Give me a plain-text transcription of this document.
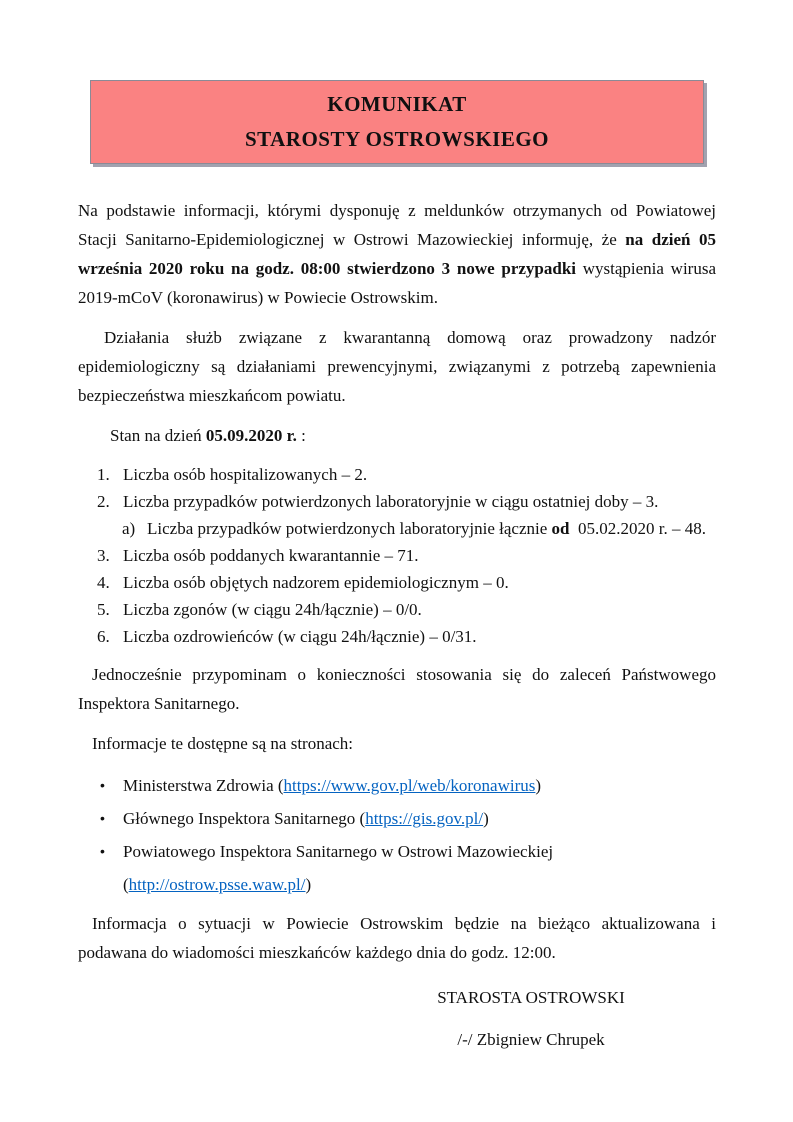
KOMUNIKAT
STAROSTY OSTROWSKIEGO

Na podstawie informacji, którymi dysponuję z meldunków otrzymanych od Powiatowej Stacji Sanitarno-Epidemiologicznej w Ostrowi Mazowieckiej informuję, że na dzień 05 września 2020 roku na godz. 08:00 stwierdzono 3 nowe przypadki wystąpienia wirusa 2019-mCoV (koronawirus) w Powiecie Ostrowskim.

Działania służb związane z kwarantanną domową oraz prowadzony nadzór epidemiologiczny są działaniami prewencyjnymi, związanymi z potrzebą zapewnienia bezpieczeństwa mieszkańcom powiatu.

Stan na dzień 05.09.2020 r. :

1. Liczba osób hospitalizowanych – 2.
2. Liczba przypadków potwierdzonych laboratoryjnie w ciągu ostatniej doby – 3.
a) Liczba przypadków potwierdzonych laboratoryjnie łącznie od  05.02.2020 r. – 48.
3. Liczba osób poddanych kwarantannie – 71.
4. Liczba osób objętych nadzorem epidemiologicznym – 0.
5. Liczba zgonów (w ciągu 24h/łącznie) – 0/0.
6. Liczba ozdrowieńców (w ciągu 24h/łącznie) – 0/31.

Jednocześnie przypominam o konieczności stosowania się do zaleceń Państwowego Inspektora Sanitarnego.

Informacje te dostępne są na stronach:

•	Ministerstwa Zdrowia (https://www.gov.pl/web/koronawirus)
•	Głównego Inspektora Sanitarnego (https://gis.gov.pl/)
•	Powiatowego Inspektora Sanitarnego w Ostrowi Mazowieckiej (http://ostrow.psse.waw.pl/)

Informacja o sytuacji w Powiecie Ostrowskim będzie na bieżąco aktualizowana i podawana do wiadomości mieszkańców każdego dnia do godz. 12:00.

STAROSTA OSTROWSKI
/-/ Zbigniew Chrupek
